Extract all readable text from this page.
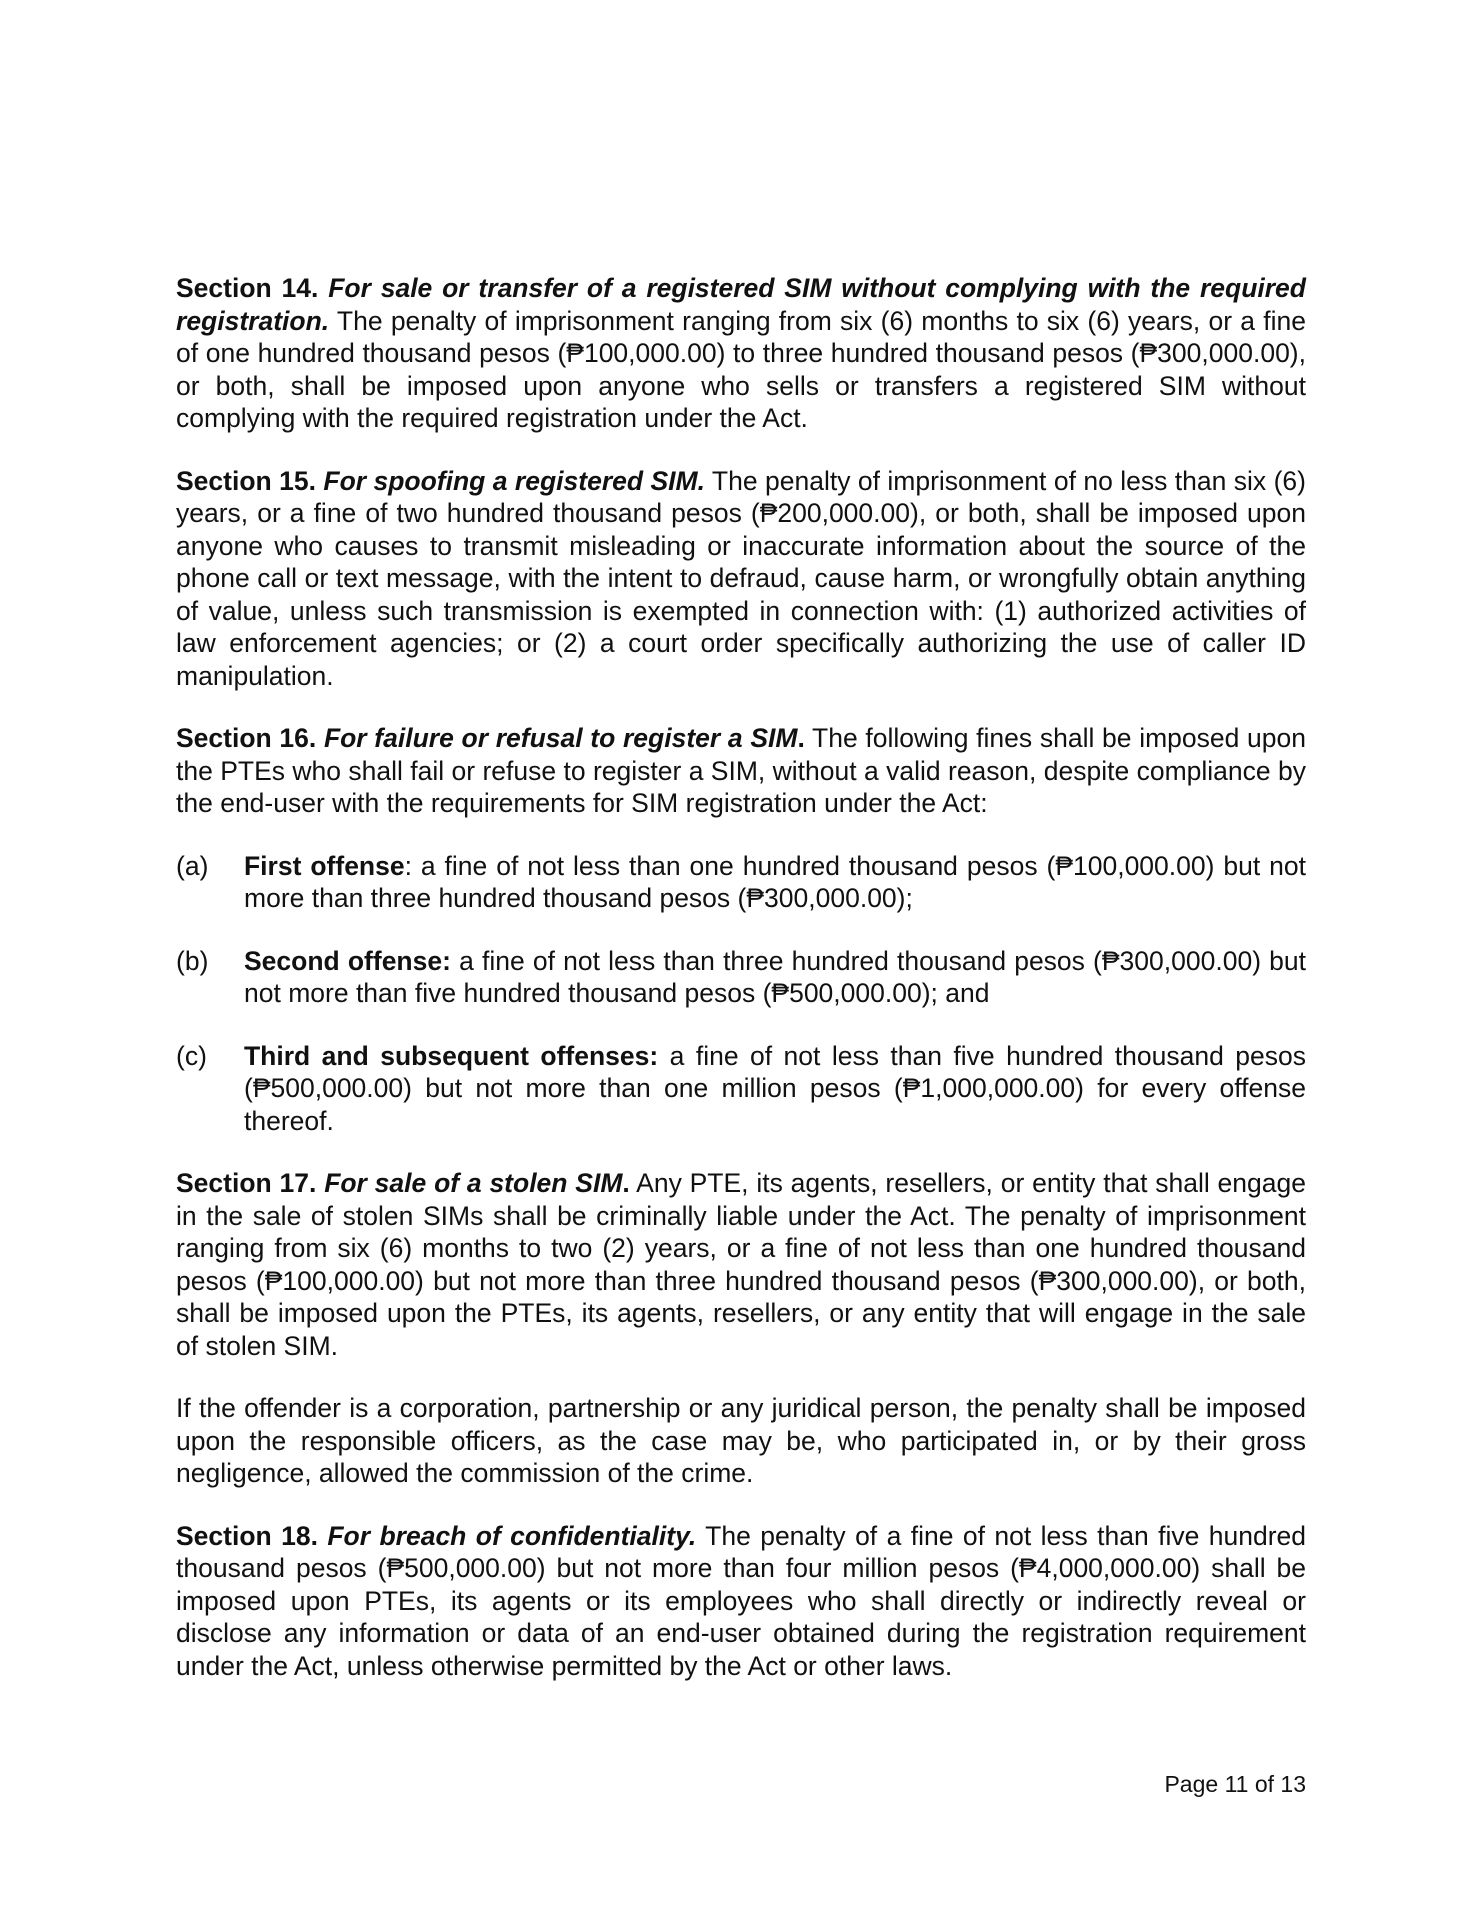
Section 14. For sale or transfer of a registered SIM without complying with the required registration. The penalty of imprisonment ranging from six (6) months to six (6) years, or a fine of one hundred thousand pesos (₱100,000.00) to three hundred thousand pesos (₱300,000.00), or both, shall be imposed upon anyone who sells or transfers a registered SIM without complying with the required registration under the Act.

Section 15. For spoofing a registered SIM. The penalty of imprisonment of no less than six (6) years, or a fine of two hundred thousand pesos (₱200,000.00), or both, shall be imposed upon anyone who causes to transmit misleading or inaccurate information about the source of the phone call or text message, with the intent to defraud, cause harm, or wrongfully obtain anything of value, unless such transmission is exempted in connection with: (1) authorized activities of law enforcement agencies; or (2) a court order specifically authorizing the use of caller ID manipulation.

Section 16. For failure or refusal to register a SIM. The following fines shall be imposed upon the PTEs who shall fail or refuse to register a SIM, without a valid reason, despite compliance by the end-user with the requirements for SIM registration under the Act:

(a) First offense: a fine of not less than one hundred thousand pesos (₱100,000.00) but not more than three hundred thousand pesos (₱300,000.00);
(b) Second offense: a fine of not less than three hundred thousand pesos (₱300,000.00) but not more than five hundred thousand pesos (₱500,000.00); and
(c) Third and subsequent offenses: a fine of not less than five hundred thousand pesos (₱500,000.00) but not more than one million pesos (₱1,000,000.00) for every offense thereof.

Section 17. For sale of a stolen SIM. Any PTE, its agents, resellers, or entity that shall engage in the sale of stolen SIMs shall be criminally liable under the Act. The penalty of imprisonment ranging from six (6) months to two (2) years, or a fine of not less than one hundred thousand pesos (₱100,000.00) but not more than three hundred thousand pesos (₱300,000.00), or both, shall be imposed upon the PTEs, its agents, resellers, or any entity that will engage in the sale of stolen SIM.

If the offender is a corporation, partnership or any juridical person, the penalty shall be imposed upon the responsible officers, as the case may be, who participated in, or by their gross negligence, allowed the commission of the crime.

Section 18. For breach of confidentiality. The penalty of a fine of not less than five hundred thousand pesos (₱500,000.00) but not more than four million pesos (₱4,000,000.00) shall be imposed upon PTEs, its agents or its employees who shall directly or indirectly reveal or disclose any information or data of an end-user obtained during the registration requirement under the Act, unless otherwise permitted by the Act or other laws.

Page 11 of 13
